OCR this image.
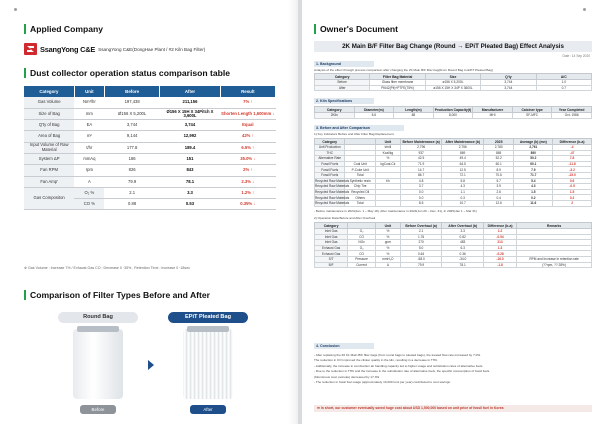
Applied Company
SsangYong C&E SsangYong C&E(DongHae Plant / #2 Kiln Bag Filter)
Dust collector operation status comparison table
Category	Unit	Before	After	Result
Gas Volume	Nm³/hr	197,438	211,156	7% ↑
Size of Bag	mm	Ø156 X 5,200L	Ø156 X 15H X 34Pitch X 3,600L	Shorten Length 1,600mm ↓
Q'ty of Bag	EA	3,744	3,744	Equal
Area of Bag	m²	9,144	12,992	42% ↑
Input Volume of Raw Material	t/hr	177.8	189.4	6.5% ↑
System ΔP	mmAq	186	151	35.0% ↓
Fan RPM	rpm	826	843	2% ↑
Fan Amp'	A	79.9	78.1	2.3% ↓
Gas Compositon	O₂ %	2.1	3.3	1.2% ↑
	CO %	0.88	0.53	0.35% ↓
※ Gas Volume : Increase 7% / Exhaust Gas CO : Decrease 0 ·35% , Retention Time : Increase 0 ·18sec
Comparison of Filter Types Before and After
Round Bag
Before
EPiT Pleated Bag
After
Owner's Document
2K Main B/F Filter Bag Change (Round → EPiT Pleated Bag) Effect Analysis
Date : 14 Sep 2020
1. Background
Analysis of the effect through process comparison after changing the 2K Main B/F filter bag(From Round Bag to EPiT Pleated Bag)
Category	Filter Bag Material	Size	Q'ty	A/C
Before	Glass fiber membrane	ø156 X 5,200L	3,744	1.0
After	PI642(Pit)+PTFE(75%)	ø156 X 15H X 34P X 3600L	3,744	0.7
2. Kiln Specifications
Category	Diameter(m)	Length(m)	Production Capacity(t)	Manufacturer	Calciner type	Year Completed
2Kiln	5.6	88	8,000	MHI	SF-MFC	Oct. 1986
3. Before and After Comparison
1) Key Indicators Before and After Filter Bag Replacement
Category		Unit	Before Maintenance (a)	After Maintenance (b)	2025	Average (b) (mn)	Difference (b-a)
Unit Production		t/mill	2,796	2,756	2,780	2,761	-4
THC		Kcal/kg	937	869	865	890	-47
Alternative Rate		%	42.5	49.4	52.2	50.2	7.8
Fossil Fuels	Coal Unit	kgCoal-Ck	71.9	64.5	60.1	60.1	-11.8
Fossil Fuels	P-Coke Unit		14.7	12.5	8.9	7.9	-3.2
Fossil Fuels	Total		86.7	72.1	70.6	71.7	-15.0
Recycled Raw Materials	Synthetic resin	t/h	4.8	5.8	5.7	5.4	0.6
Recycled Raw Materials	Chip Tire		3.7	4.3	3.9	4.3	-0.5
Recycled Raw Materials	Recycled Oil		0.0	1.1	2.6	1.5	1.5
Recycled Raw Materials	Others		0.0	0.3	0.4	0.2	0.2
Recycled Raw Materials	Total		8.5	10.7	12.6	11.6	2
- Before maintenance in 2024(Jan. 1 ~ May 18), After maintenance in 2024(Jun 20 ~ Dec. 31), In 2025(Jan 1 ~ Mar 31)
2) Operation Data Before and After Overhaul
Category		Unit	Before Overhaul (a)	After Overhaul (b)	Difference (b-a)	Remarks
Inlet Gas	O₂	%	2.1	3.3	1.2	
Inlet Gas	CO	%	1.76	0.82	-0.94	
Inlet Gas	NOx	ppm	270	483	213	
Exhaust Gas	O₂	%	5.0	6.3	1.3	
Exhaust Gas	CO	%	0.64	0.36	-0.28	
S/T	Pressure	mmH₂O	-58.0	-34.0	-16.0	RPM and Increase in retention rate
B/F	Current	A	79.9	78.1	-1.8	(??rpm, ?? 28%)
4. Conclusion
- After replacing the #2 K1 Main B/F filter bags (from round bags to pleated bags), the treated flow rate increased by 7.0%.
The reduction in CO improved the clinker quality in the kiln, resulting in a decrease in THC.
- Additionally, the increase in combustion air handling capacity led to higher usage and substitution rates of alternative fuels.
- Due to the reduction in THC and the increase in the substitution rate of alternative fuels, the specific consumption of fossil fuels
(bituminous coal, petcoke) decreased by 17.3%.
- The reduction in fossil fuel usage (approximately 13,000 tons per year) contributed to cost savings.
➡ In short, our customer eventually saved huge cost about USD 1,500,000 based on unit price of fossil fuel in Korea
